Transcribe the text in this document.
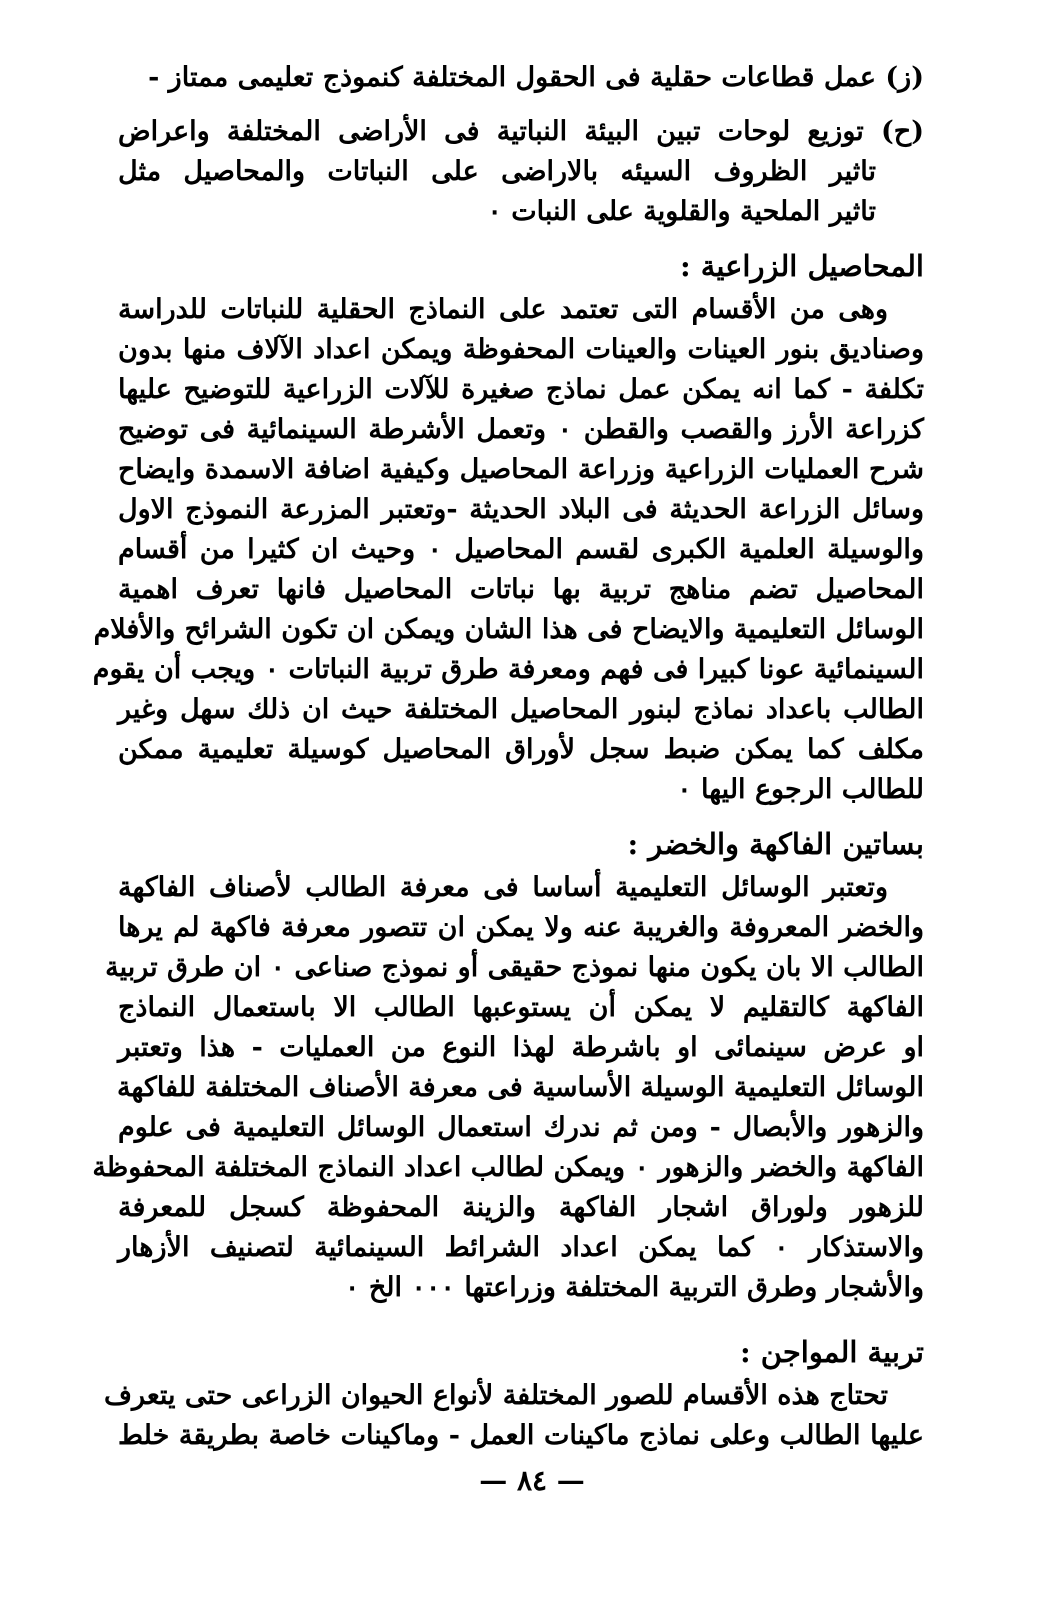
(ز) عمل قطاعات حقلية فى الحقول المختلفة كنموذج تعليمى ممتاز -
(ح) توزيع لوحات تبين البيئة النباتية فى الأراضى المختلفة واعراض
تاثير الظروف السيئه بالاراضى على النباتات والمحاصيل مثل
تاثير الملحية والقلوية على النبات ٠
المحاصيل الزراعية :
وهى من الأقسام التى تعتمد على النماذج الحقلية للنباتات للدراسة
وصناديق بنور العينات والعينات المحفوظة ويمكن اعداد الآلاف منها بدون
تكلفة - كما انه يمكن عمل نماذج صغيرة للآلات الزراعية للتوضيح عليها
كزراعة الأرز والقصب والقطن ٠ وتعمل الأشرطة السينمائية فى توضيح
شرح العمليات الزراعية وزراعة المحاصيل وكيفية اضافة الاسمدة وايضاح
وسائل الزراعة الحديثة فى البلاد الحديثة -وتعتبر المزرعة النموذج الاول
والوسيلة العلمية الكبرى لقسم المحاصيل ٠ وحيث ان كثيرا من أقسام
المحاصيل تضم مناهج تربية بها نباتات المحاصيل فانها تعرف اهمية
الوسائل التعليمية والايضاح فى هذا الشان ويمكن ان تكون الشرائح والأفلام
السينمائية عونا كبيرا فى فهم ومعرفة طرق تربية النباتات ٠ ويجب أن يقوم
الطالب باعداد نماذج لبنور المحاصيل المختلفة حيث ان ذلك سهل وغير
مكلف كما يمكن ضبط سجل لأوراق المحاصيل كوسيلة تعليمية ممكن
للطالب الرجوع اليها ٠
بساتين الفاكهة والخضر :
وتعتبر الوسائل التعليمية أساسا فى معرفة الطالب لأصناف الفاكهة
والخضر المعروفة والغريبة عنه ولا يمكن ان تتصور معرفة فاكهة لم يرها
الطالب الا بان يكون منها نموذج حقيقى أو نموذج صناعى ٠ ان طرق تربية
الفاكهة كالتقليم لا يمكن أن يستوعبها الطالب الا باستعمال النماذج
او عرض سينمائى او باشرطة لهذا النوع من العمليات - هذا وتعتبر
الوسائل التعليمية الوسيلة الأساسية فى معرفة الأصناف المختلفة للفاكهة
والزهور والأبصال - ومن ثم ندرك استعمال الوسائل التعليمية فى علوم
الفاكهة والخضر والزهور ٠ ويمكن لطالب اعداد النماذج المختلفة المحفوظة
للزهور ولوراق اشجار الفاكهة والزينة المحفوظة كسجل للمعرفة
والاستذكار ٠ كما يمكن اعداد الشرائط السينمائية لتصنيف الأزهار
والأشجار وطرق التربية المختلفة وزراعتها ٠٠٠ الخ ٠
تربية المواجن :
تحتاج هذه الأقسام للصور المختلفة لأنواع الحيوان الزراعى حتى يتعرف
عليها الطالب وعلى نماذج ماكينات العمل - وماكينات خاصة بطريقة خلط
— ٨٤ —
